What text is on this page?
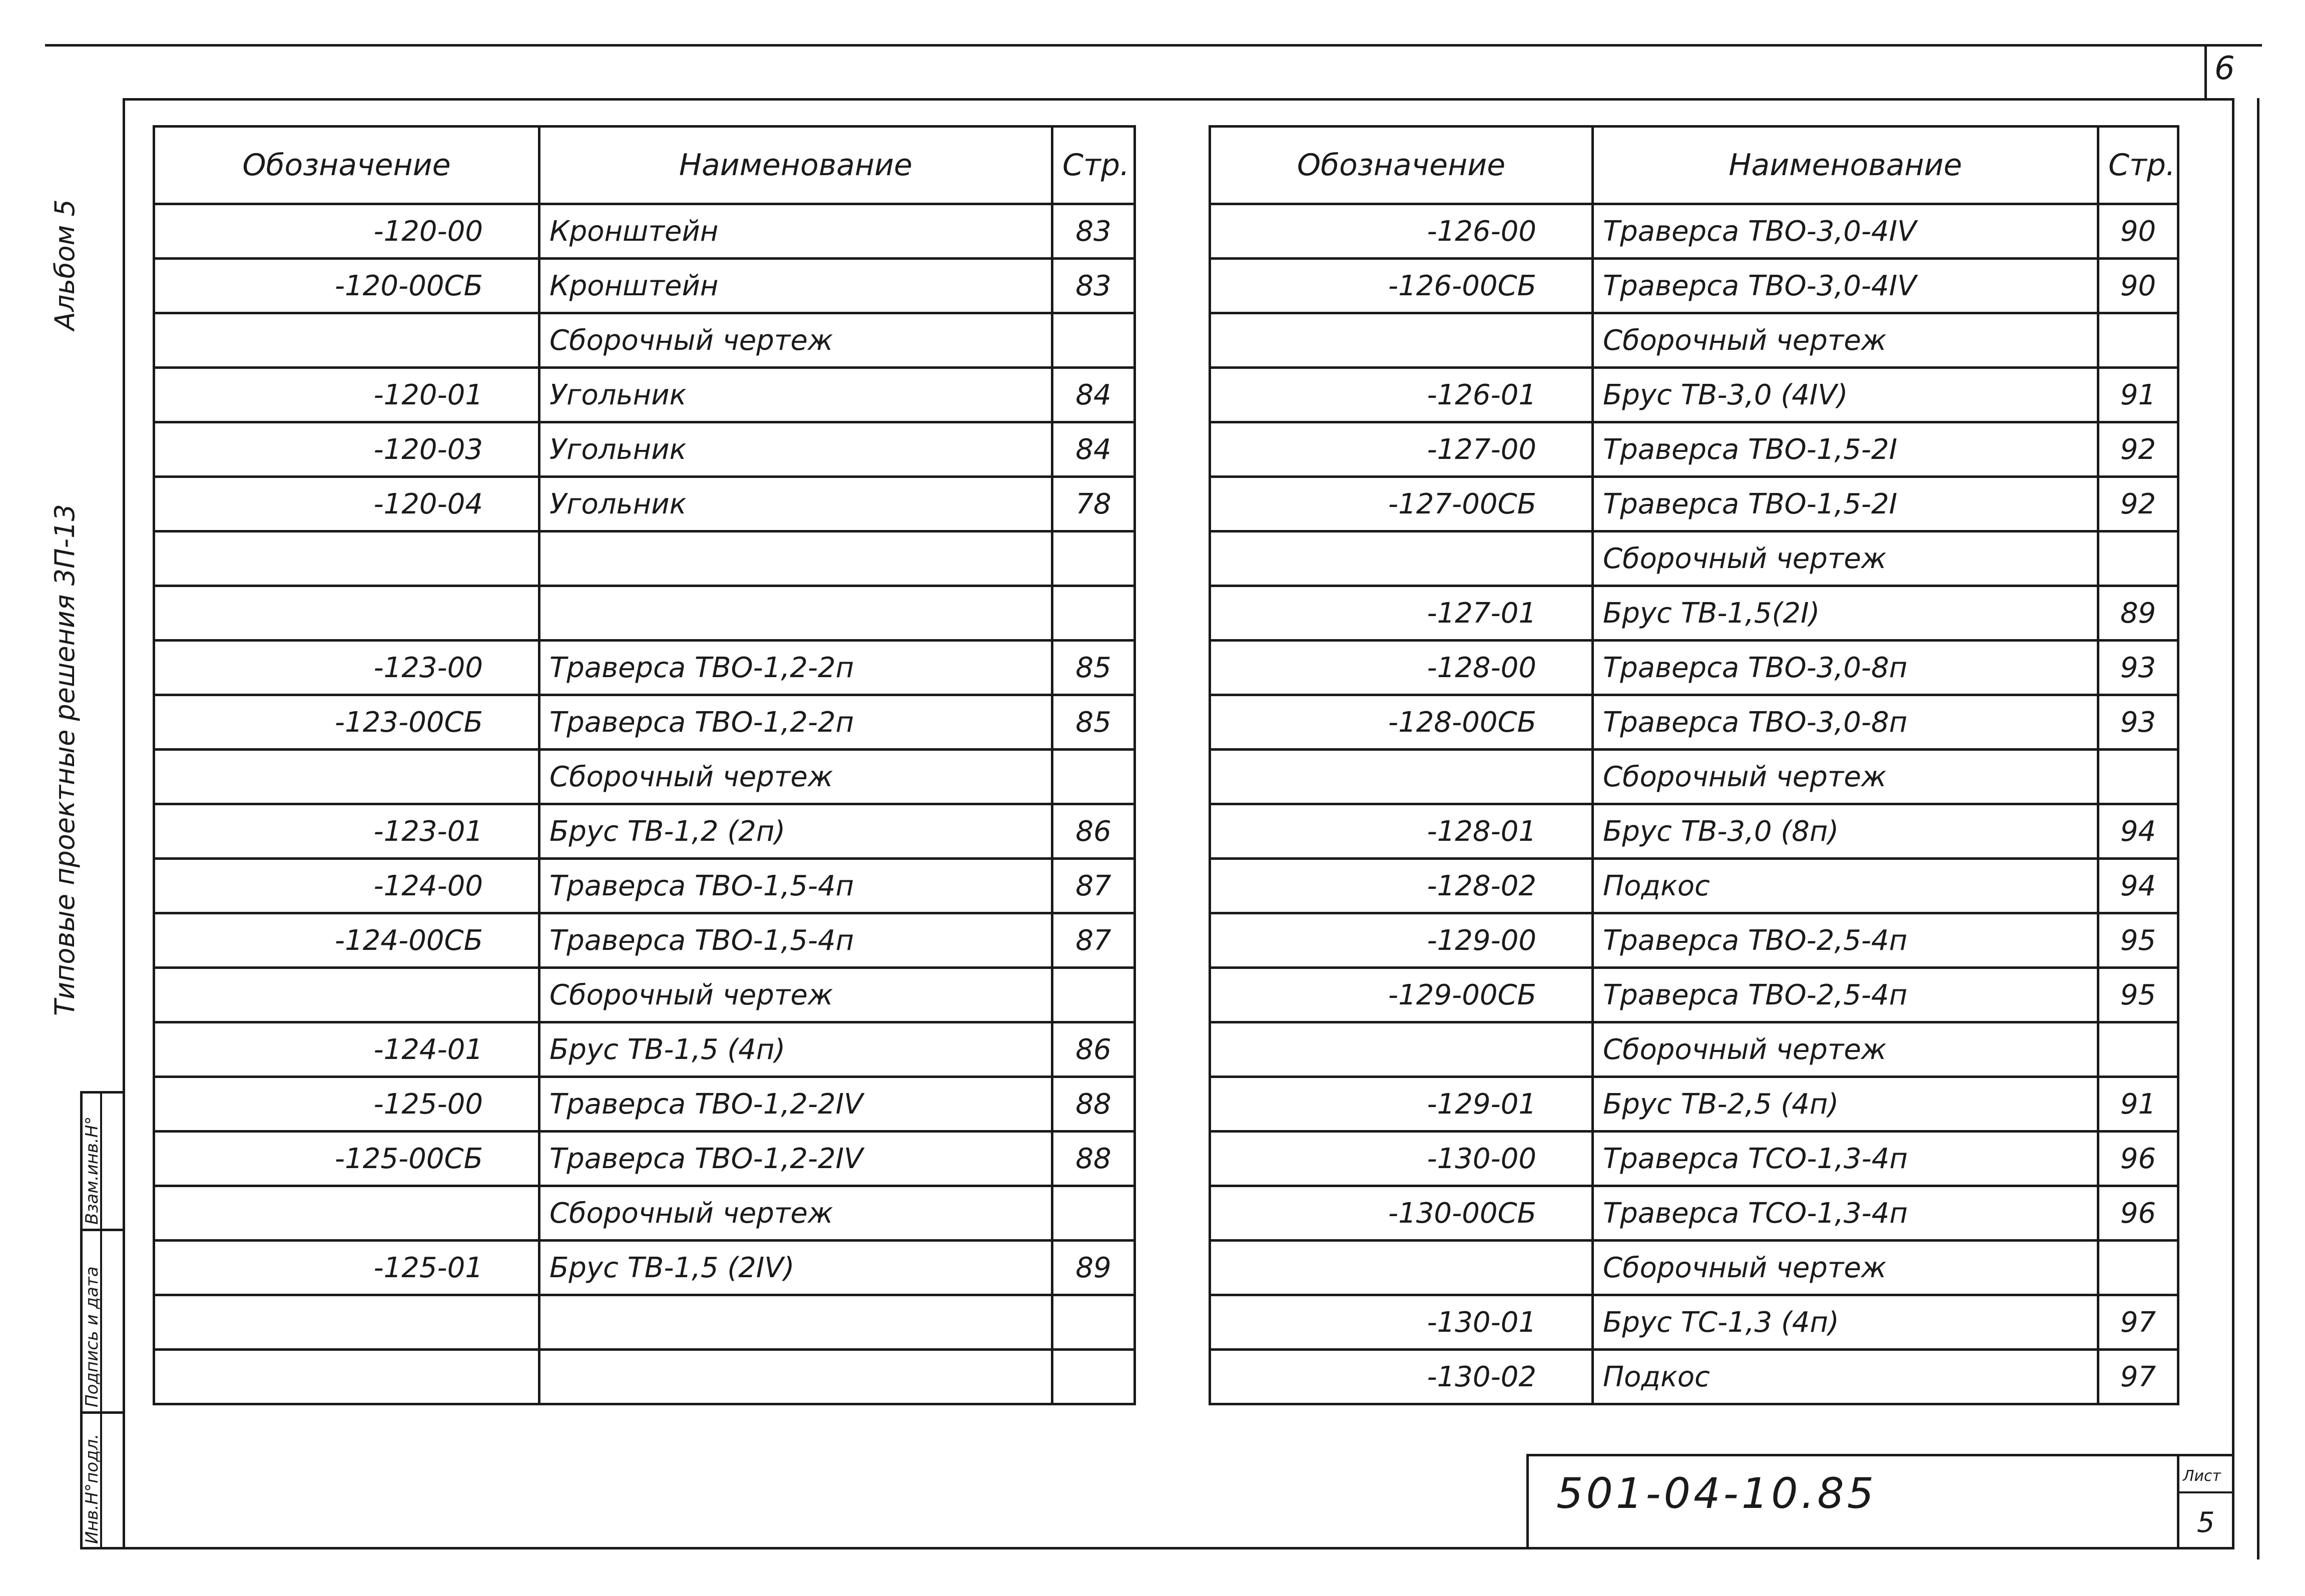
6
Инв.Н°подл.
Подпись и дата
Взам.инв.Н°
Типовые проектные решения 3П-13
Альбом 5
Обозначение	Наименование	Стр.
-120-00	Кронштейн	83
-120-00СБ	Кронштейн	83
	Сборочный чертеж	
-120-01	Угольник	84
-120-03	Угольник	84
-120-04	Угольник	78

-123-00	Траверса ТВО-1,2-2п	85
-123-00СБ	Траверса ТВО-1,2-2п	85
	Сборочный чертеж	
-123-01	Брус ТВ-1,2 (2п)	86
-124-00	Траверса ТВО-1,5-4п	87
-124-00СБ	Траверса ТВО-1,5-4п	87
	Сборочный чертеж	
-124-01	Брус ТВ-1,5 (4п)	86
-125-00	Траверса ТВО-1,2-2IV	88
-125-00СБ	Траверса ТВО-1,2-2IV	88
	Сборочный чертеж	
-125-01	Брус ТВ-1,5 (2IV)	89

Обозначение	Наименование	Стр.
-126-00	Траверса ТВО-3,0-4IV	90
-126-00СБ	Траверса ТВО-3,0-4IV	90
	Сборочный чертеж	
-126-01	Брус ТВ-3,0 (4IV)	91
-127-00	Траверса ТВО-1,5-2I	92
-127-00СБ	Траверса ТВО-1,5-2I	92
	Сборочный чертеж	
-127-01	Брус ТВ-1,5(2I)	89
-128-00	Траверса ТВО-3,0-8п	93
-128-00СБ	Траверса ТВО-3,0-8п	93
	Сборочный чертеж	
-128-01	Брус ТВ-3,0 (8п)	94
-128-02	Подкос	94
-129-00	Траверса ТВО-2,5-4п	95
-129-00СБ	Траверса ТВО-2,5-4п	95
	Сборочный чертеж	
-129-01	Брус ТВ-2,5 (4п)	91
-130-00	Траверса ТСО-1,3-4п	96
-130-00СБ	Траверса ТСО-1,3-4п	96
	Сборочный чертеж	
-130-01	Брус ТС-1,3 (4п)	97
-130-02	Подкос	97
501-04-10.85	Лист
5
